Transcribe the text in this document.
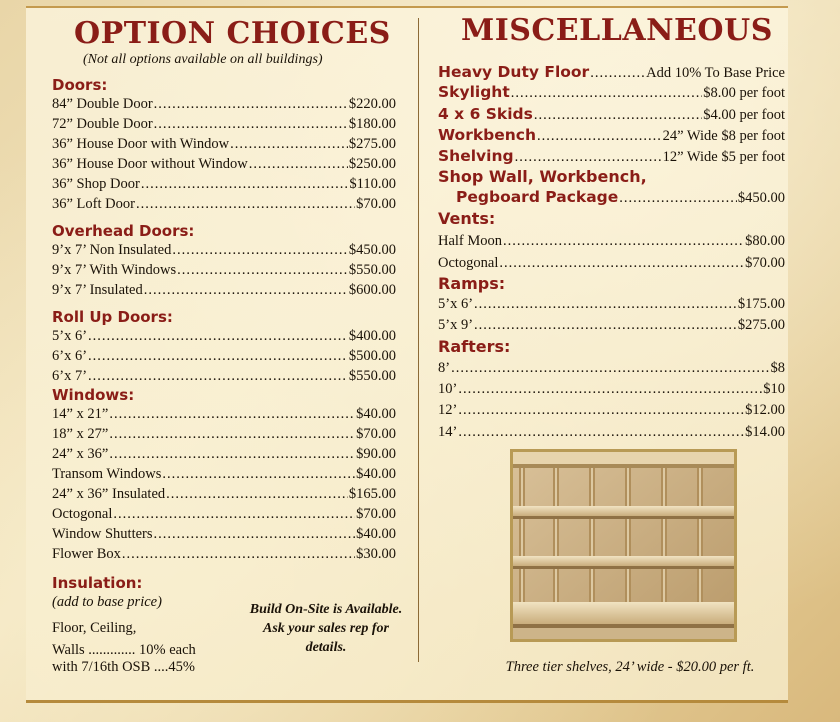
OPTION CHOICES
(Not all options available on all buildings)
Doors:
84” Double Door .....	$220.00
72” Double Door .....	$180.00
36” House Door with Window .....	$275.00
36” House Door without Window .....	$250.00
36” Shop Door .....	$110.00
36” Loft Door .....	$70.00
Overhead Doors:
9’x 7’ Non Insulated .....	$450.00
9’x 7’ With Windows .....	$550.00
9’x 7’ Insulated .....	$600.00
Roll Up Doors:
5’x 6’ .....	$400.00
6’x 6’ .....	$500.00
6’x 7’ .....	$550.00
Windows:
14” x 21” .....	$40.00
18” x 27” .....	$70.00
24” x 36” .....	$90.00
Transom Windows .....	$40.00
24” x 36” Insulated .....	$165.00
Octogonal .....	$70.00
Window Shutters .....	$40.00
Flower Box .....	$30.00
Insulation:
(add to base price)
Floor, Ceiling,
Walls ............. 10% each
with 7/16th OSB ....45%
Build On-Site is Available. Ask your sales rep for details.
MISCELLANEOUS
Heavy Duty Floor .....	Add 10% To Base Price
Skylight .....	$8.00 per foot
4 x 6 Skids .....	$4.00 per foot
Workbench .....	24” Wide $8 per foot
Shelving .....	12” Wide $5 per foot
Shop Wall, Workbench,
Pegboard Package .....	$450.00
Vents:
Half Moon .....	$80.00
Octogonal .....	$70.00
Ramps:
5’x 6’ .....	$175.00
5’x 9’ .....	$275.00
Rafters:
8’ .....	$8
10’ .....	$10
12’ .....	$12.00
14’ .....	$14.00
Three tier shelves, 24’ wide - $20.00 per ft.
